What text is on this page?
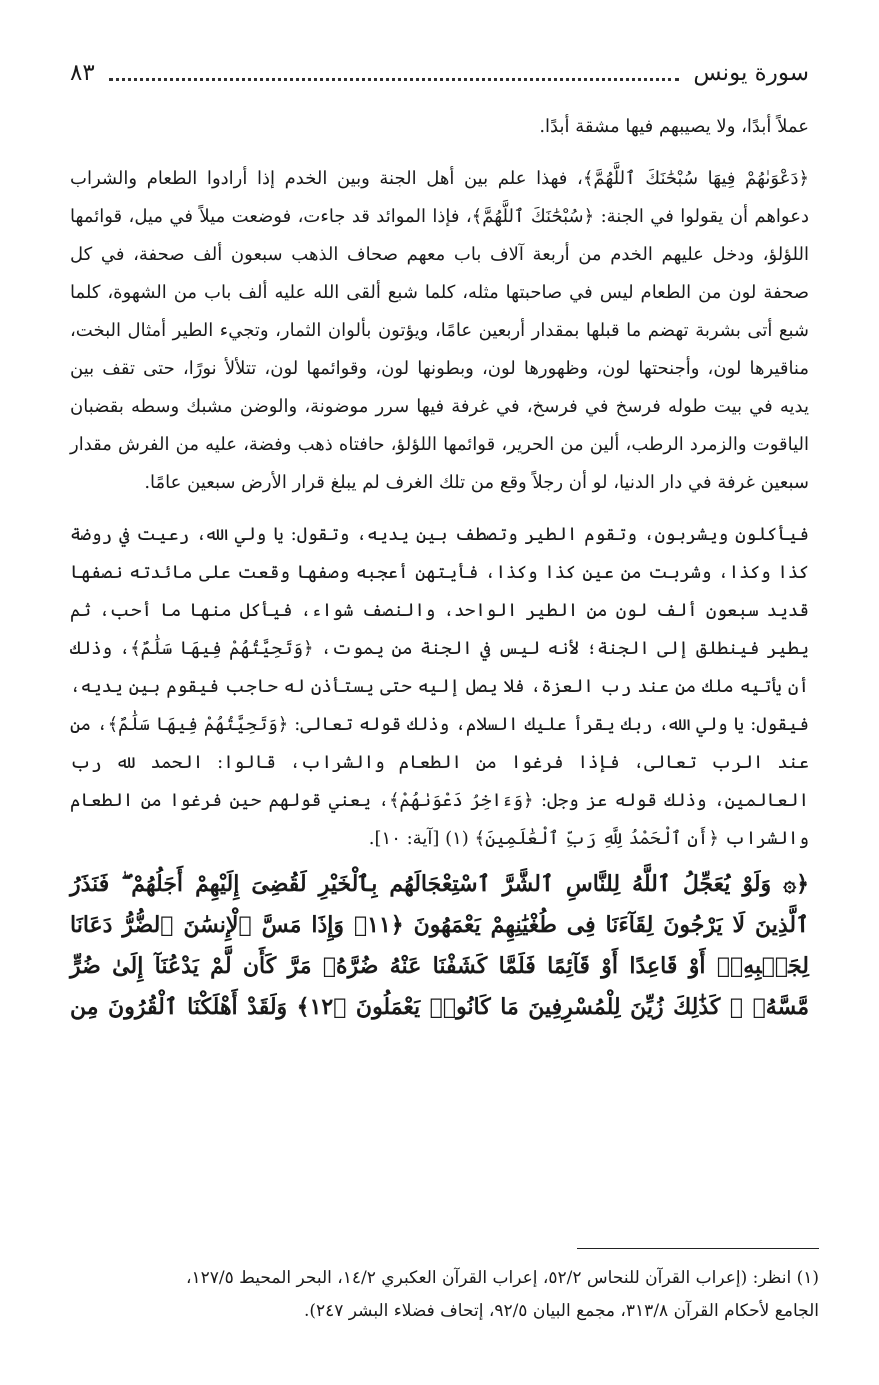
سورة يونس
٨٣

عملاً أبدًا، ولا يصيبهم فيها مشقة أبدًا.

﴿دَعْوَىٰهُمْ فِيهَا سُبْحَٰنَكَ ٱللَّهُمَّ﴾، فهذا علم بين أهل الجنة وبين الخدم إذا أرادوا الطعام والشراب دعواهم أن يقولوا في الجنة: ﴿سُبْحَٰنَكَ ٱللَّهُمَّ﴾، فإذا الموائد قد جاءت، فوضعت ميلاً في ميل، قوائمها اللؤلؤ، ودخل عليهم الخدم من أربعة آلاف باب معهم صحاف الذهب سبعون ألف صحفة، في كل صحفة لون من الطعام ليس في صاحبتها مثله، كلما شبع ألقى الله عليه ألف باب من الشهوة، كلما شبع أتى بشربة تهضم ما قبلها بمقدار أربعين عامًا، ويؤتون بألوان الثمار، وتجيء الطير أمثال البخت، مناقيرها لون، وأجنحتها لون، وظهورها لون، وبطونها لون، وقوائمها لون، تتلألأ نورًا، حتى تقف بين يديه في بيت طوله فرسخ في فرسخ، في غرفة فيها سرر موضونة، والوضن مشبك وسطه بقضبان الياقوت والزمرد الرطب، ألين من الحرير، قوائمها اللؤلؤ، حافتاه ذهب وفضة، عليه من الفرش مقدار سبعين غرفة في دار الدنيا، لو أن رجلاً وقع من تلك الغرف لم يبلغ قرار الأرض سبعين عامًا.

فيأكلون ويشربون، وتقوم الطير وتصطف بين يديه، وتقول: يا ولي الله، رعيت في روضة كذا وكذا، وشربت من عين كذا وكذا، فأيتهن أعجبه وصفها وقعت على مائدته نصفها قديد سبعون ألف لون من الطير الواحد، والنصف شواء، فيأكل منها ما أحب، ثم يطير فينطلق إلى الجنة؛ لأنه ليس في الجنة من يموت، ﴿وَتَحِيَّتُهُمْ فِيهَا سَلَٰمٌ﴾، وذلك أن يأتيه ملك من عند رب العزة، فلا يصل إليه حتى يستأذن له حاجب فيقوم بين يديه، فيقول: يا ولي الله، ربك يقرأ عليك السلام، وذلك قوله تعالى: ﴿وَتَحِيَّتُهُمْ فِيهَا سَلَٰمٌ﴾، من عند الرب تعالى، فإذا فرغوا من الطعام والشراب، قالوا: الحمد لله رب العالمين، وذلك قوله عز وجل: ﴿وَءَاخِرُ دَعْوَىٰهُمْ﴾، يعني قولهم حين فرغوا من الطعام والشراب ﴿أَنِ ٱلْحَمْدُ لِلَّهِ رَبِّ ٱلْعَٰلَمِينَ﴾ (١) [آية: ١٠].

﴿۞ وَلَوْ يُعَجِّلُ ٱللَّهُ لِلنَّاسِ ٱلشَّرَّ ٱسْتِعْجَالَهُم بِٱلْخَيْرِ لَقُضِىَ إِلَيْهِمْ أَجَلُهُمْ ۖ فَنَذَرُ ٱلَّذِينَ لَا يَرْجُونَ لِقَآءَنَا فِى طُغْيَٰنِهِمْ يَعْمَهُونَ ﴿١١﴾ وَإِذَا مَسَّ ٱلْإِنسَٰنَ ٱلضُّرُّ دَعَانَا لِجَنۢبِهِۦٓ أَوْ قَاعِدًا أَوْ قَآئِمًا فَلَمَّا كَشَفْنَا عَنْهُ ضُرَّهُۥ مَرَّ كَأَن لَّمْ يَدْعُنَآ إِلَىٰ ضُرٍّ مَّسَّهُۥ ۚ كَذَٰلِكَ زُيِّنَ لِلْمُسْرِفِينَ مَا كَانُوا۟ يَعْمَلُونَ ﴿١٢﴾ وَلَقَدْ أَهْلَكْنَا ٱلْقُرُونَ مِن

(١) انظر: (إعراب القرآن للنحاس ٥٢/٢، إعراب القرآن العكبري ١٤/٢، البحر المحيط ١٢٧/٥،
الجامع لأحكام القرآن ٣١٣/٨، مجمع البيان ٩٢/٥، إتحاف فضلاء البشر ٢٤٧).
